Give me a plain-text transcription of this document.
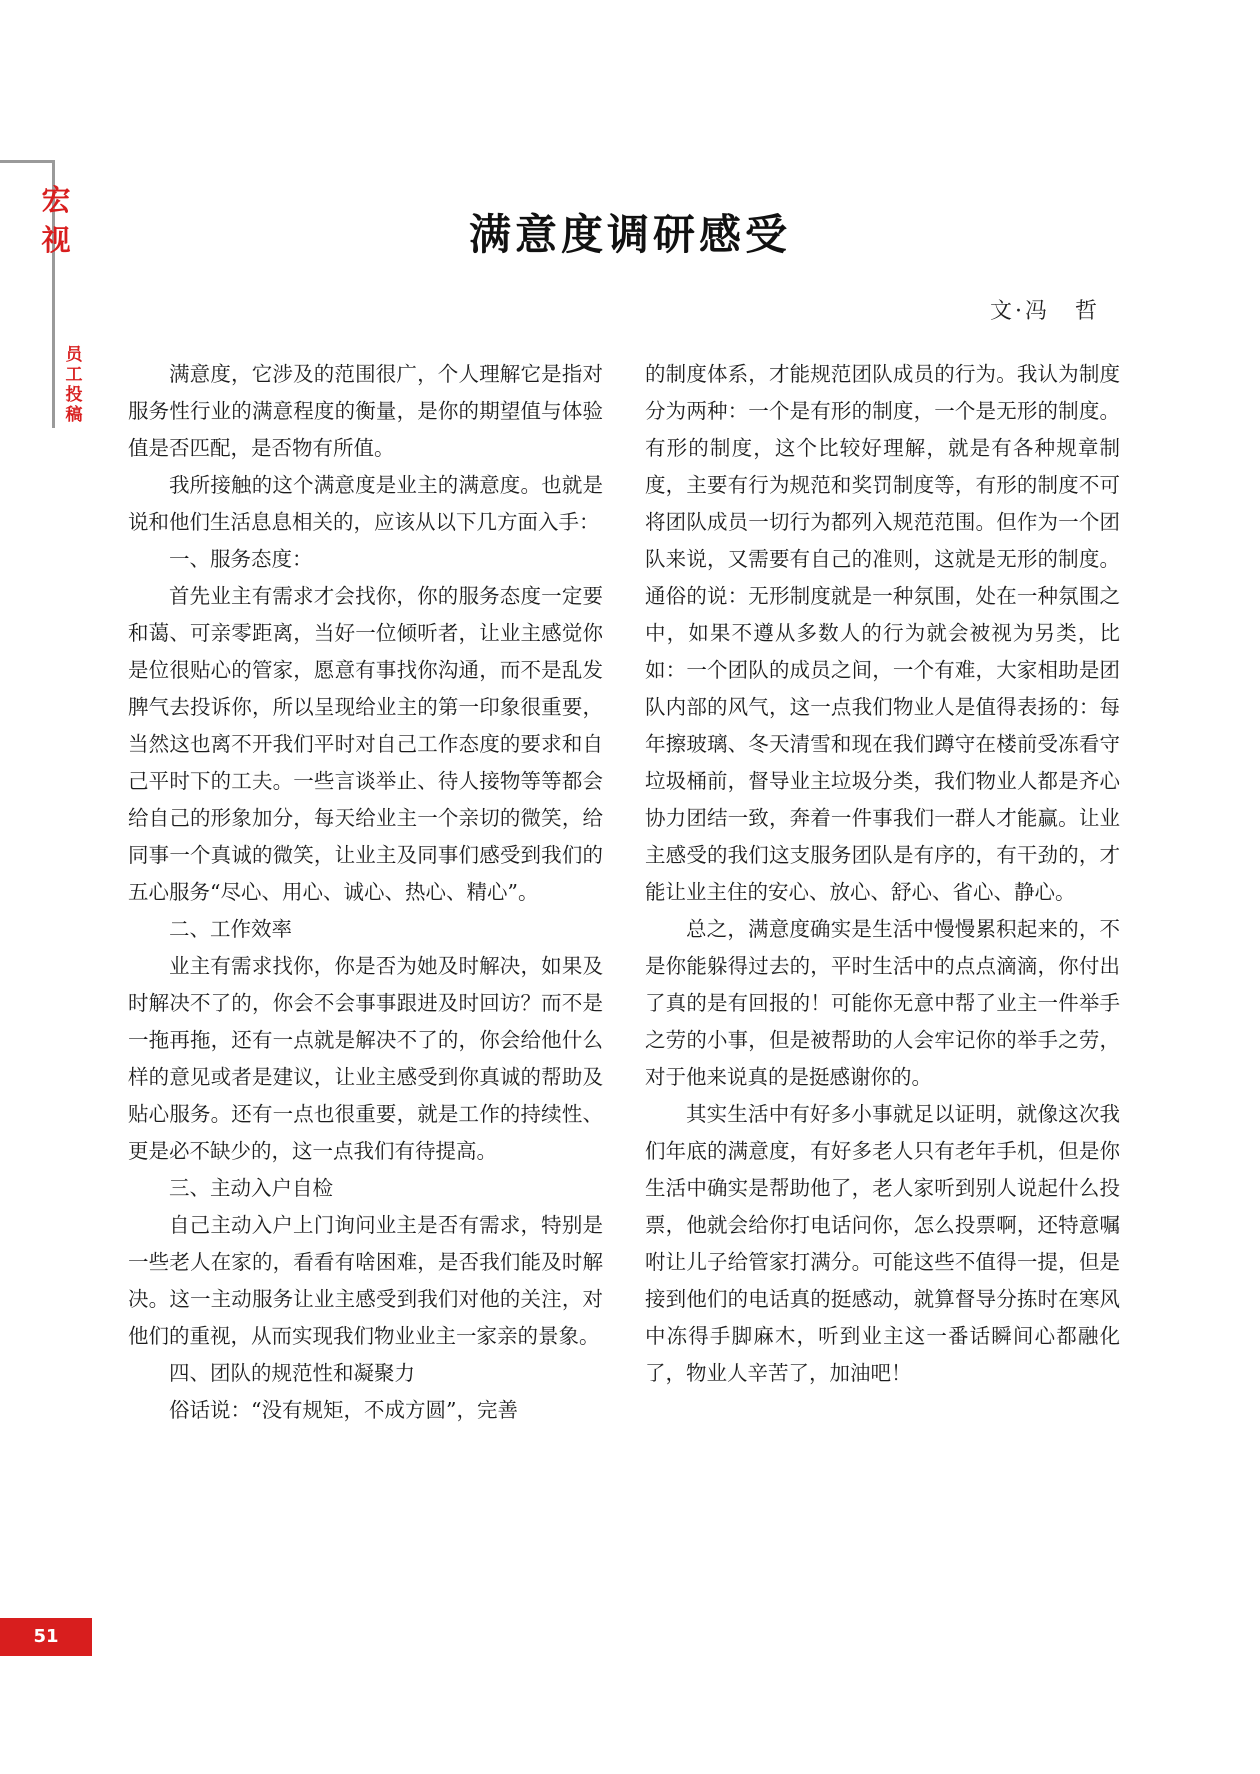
宏视
员工投稿
满意度调研感受
文·冯　哲

满意度，它涉及的范围很广，个人理解它是指对服务性行业的满意程度的衡量，是你的期望值与体验值是否匹配，是否物有所值。

我所接触的这个满意度是业主的满意度。也就是说和他们生活息息相关的，应该从以下几方面入手：

一、服务态度：

首先业主有需求才会找你，你的服务态度一定要和蔼、可亲零距离，当好一位倾听者，让业主感觉你是位很贴心的管家，愿意有事找你沟通，而不是乱发脾气去投诉你，所以呈现给业主的第一印象很重要，当然这也离不开我们平时对自己工作态度的要求和自己平时下的工夫。一些言谈举止、待人接物等等都会给自己的形象加分，每天给业主一个亲切的微笑，给同事一个真诚的微笑，让业主及同事们感受到我们的五心服务“尽心、用心、诚心、热心、精心”。

二、工作效率

业主有需求找你，你是否为她及时解决，如果及时解决不了的，你会不会事事跟进及时回访？而不是一拖再拖，还有一点就是解决不了的，你会给他什么样的意见或者是建议，让业主感受到你真诚的帮助及贴心服务。还有一点也很重要，就是工作的持续性、更是必不缺少的，这一点我们有待提高。

三、主动入户自检

自己主动入户上门询问业主是否有需求，特别是一些老人在家的，看看有啥困难，是否我们能及时解决。这一主动服务让业主感受到我们对他的关注，对他们的重视，从而实现我们物业业主一家亲的景象。

四、团队的规范性和凝聚力

俗话说：“没有规矩，不成方圆”，完善

的制度体系，才能规范团队成员的行为。我认为制度分为两种：一个是有形的制度，一个是无形的制度。有形的制度，这个比较好理解，就是有各种规章制度，主要有行为规范和奖罚制度等，有形的制度不可将团队成员一切行为都列入规范范围。但作为一个团队来说，又需要有自己的准则，这就是无形的制度。通俗的说：无形制度就是一种氛围，处在一种氛围之中，如果不遵从多数人的行为就会被视为另类，比如：一个团队的成员之间，一个有难，大家相助是团队内部的风气，这一点我们物业人是值得表扬的：每年擦玻璃、冬天清雪和现在我们蹲守在楼前受冻看守垃圾桶前，督导业主垃圾分类，我们物业人都是齐心协力团结一致，奔着一件事我们一群人才能赢。让业主感受的我们这支服务团队是有序的，有干劲的，才能让业主住的安心、放心、舒心、省心、静心。

总之，满意度确实是生活中慢慢累积起来的，不是你能躲得过去的，平时生活中的点点滴滴，你付出了真的是有回报的！可能你无意中帮了业主一件举手之劳的小事，但是被帮助的人会牢记你的举手之劳，对于他来说真的是挺感谢你的。

其实生活中有好多小事就足以证明，就像这次我们年底的满意度，有好多老人只有老年手机，但是你生活中确实是帮助他了，老人家听到别人说起什么投票，他就会给你打电话问你，怎么投票啊，还特意嘱咐让儿子给管家打满分。可能这些不值得一提，但是接到他们的电话真的挺感动，就算督导分拣时在寒风中冻得手脚麻木，听到业主这一番话瞬间心都融化了，物业人辛苦了，加油吧！

51
